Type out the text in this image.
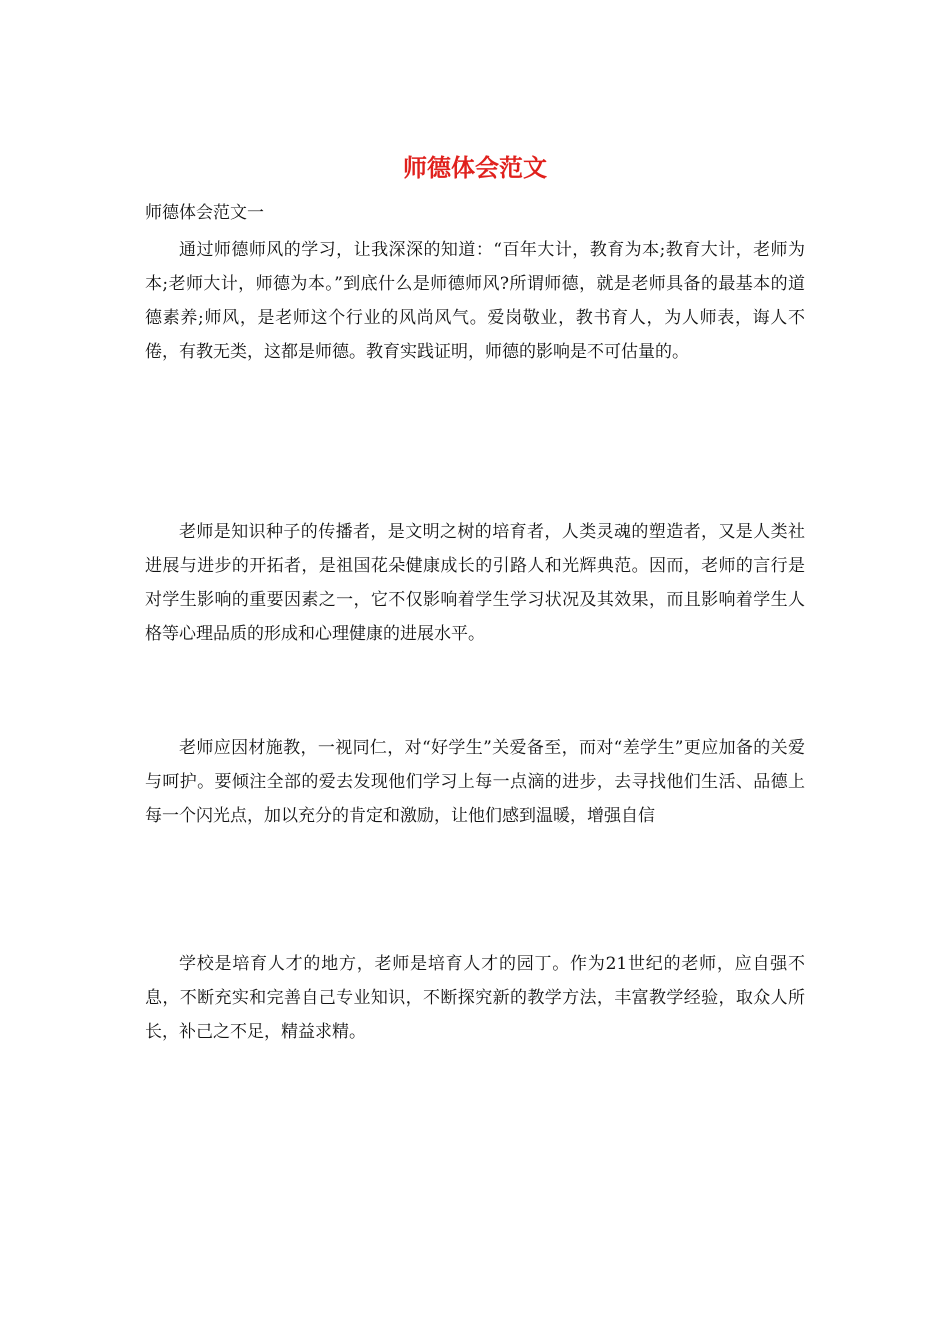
师德体会范文

师德体会范文一

通过师德师风的学习，让我深深的知道：“百年大计，教育为本;教育大计，老师为本;老师大计，师德为本。”到底什么是师德师风?所谓师德，就是老师具备的最基本的道德素养;师风，是老师这个行业的风尚风气。爱岗敬业，教书育人，为人师表，诲人不倦，有教无类，这都是师德。教育实践证明，师德的影响是不可估量的。

老师是知识种子的传播者，是文明之树的培育者，人类灵魂的塑造者，又是人类社进展与进步的开拓者，是祖国花朵健康成长的引路人和光辉典范。因而，老师的言行是对学生影响的重要因素之一，它不仅影响着学生学习状况及其效果，而且影响着学生人格等心理品质的形成和心理健康的进展水平。

老师应因材施教，一视同仁，对“好学生”关爱备至，而对“差学生”更应加备的关爱与呵护。要倾注全部的爱去发现他们学习上每一点滴的进步，去寻找他们生活、品德上每一个闪光点，加以充分的肯定和激励，让他们感到温暖，增强自信

学校是培育人才的地方，老师是培育人才的园丁。作为21世纪的老师，应自强不息，不断充实和完善自己专业知识，不断探究新的教学方法，丰富教学经验，取众人所长，补己之不足，精益求精。
